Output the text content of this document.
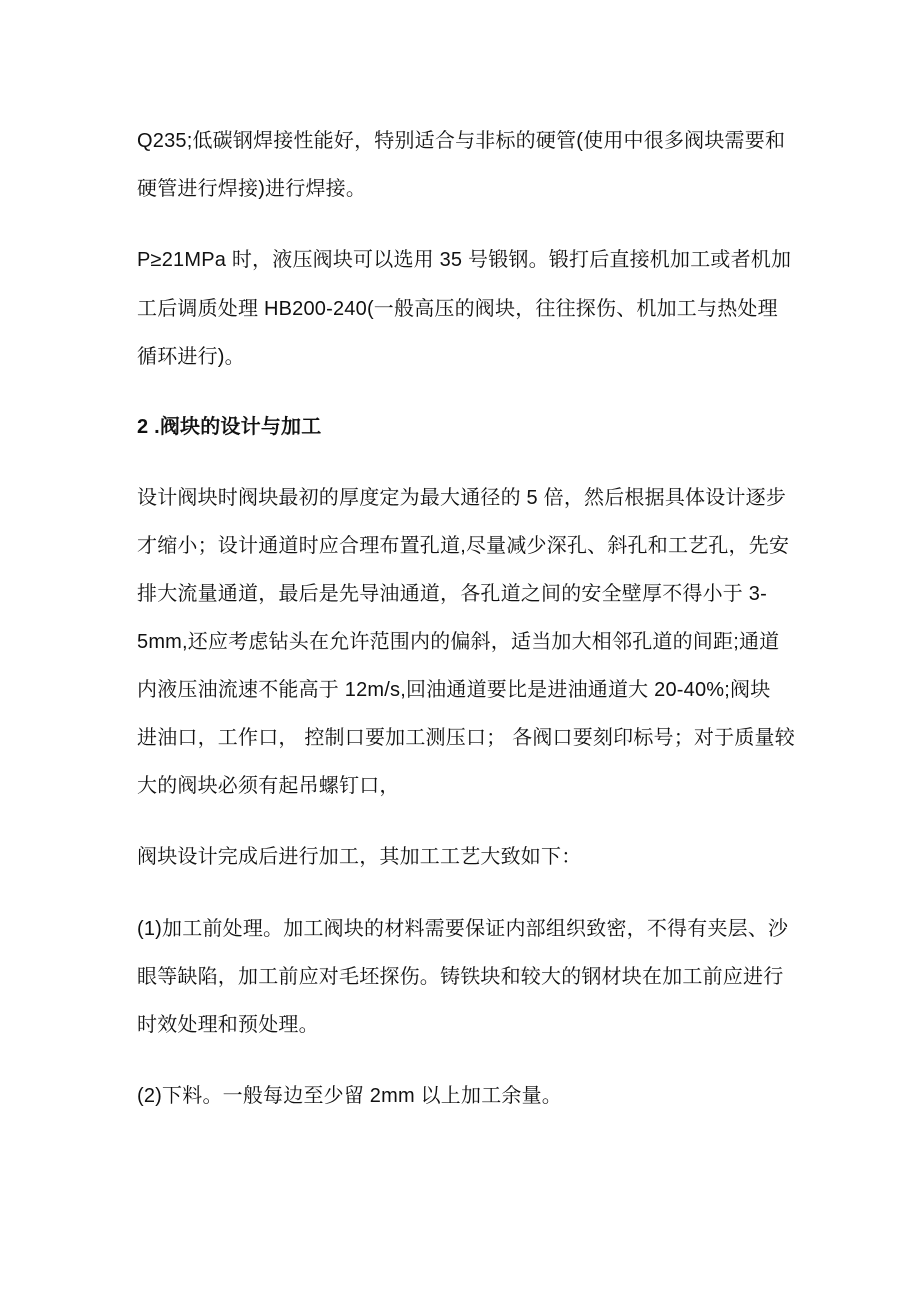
Q235;低碳钢焊接性能好，特别适合与非标的硬管(使用中很多阀块需要和
硬管进行焊接)进行焊接。
P≥21MPa 时，液压阀块可以选用 35 号锻钢。锻打后直接机加工或者机加
工后调质处理 HB200-240(一般高压的阀块，往往探伤、机加工与热处理
循环进行)。
2 .阀块的设计与加工
设计阀块时阀块最初的厚度定为最大通径的 5 倍，然后根据具体设计逐步
才缩小；设计通道时应合理布置孔道,尽量减少深孔、斜孔和工艺孔，先安
排大流量通道，最后是先导油通道，各孔道之间的安全壁厚不得小于 3-
5mm,还应考虑钻头在允许范围内的偏斜，适当加大相邻孔道的间距;通道
内液压油流速不能高于 12m/s,回油通道要比是进油通道大 20-40%;阀块
进油口，工作口， 控制口要加工测压口； 各阀口要刻印标号；对于质量较
大的阀块必须有起吊螺钉口，
阀块设计完成后进行加工，其加工工艺大致如下：
(1)加工前处理。加工阀块的材料需要保证内部组织致密，不得有夹层、沙
眼等缺陷，加工前应对毛坯探伤。铸铁块和较大的钢材块在加工前应进行
时效处理和预处理。
(2)下料。一般每边至少留 2mm 以上加工余量。
